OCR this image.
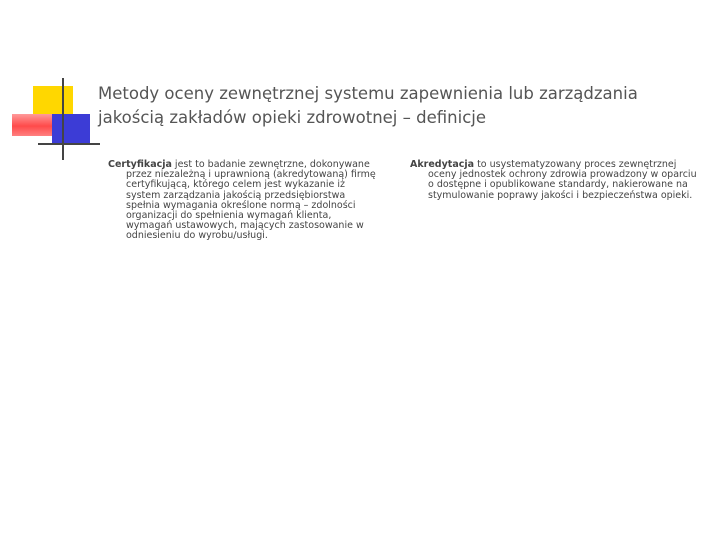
Metody oceny zewnętrznej systemu zapewnienia lub zarządzania jakością zakładów opieki zdrowotnej – definicje

Certyfikacja jest to badanie zewnętrzne, dokonywane przez niezależną i uprawnioną (akredytowaną) firmę certyfikującą, którego celem jest wykazanie iż system zarządzania jakością przedsiębiorstwa spełnia wymagania określone normą – zdolności organizacji do spełnienia wymagań klienta, wymagań ustawowych, mających zastosowanie w odniesieniu do wyrobu/usługi.

Akredytacja to usystematyzowany proces zewnętrznej oceny jednostek ochrony zdrowia prowadzony w oparciu o dostępne i opublikowane standardy, nakierowane na stymulowanie poprawy jakości i bezpieczeństwa opieki.
